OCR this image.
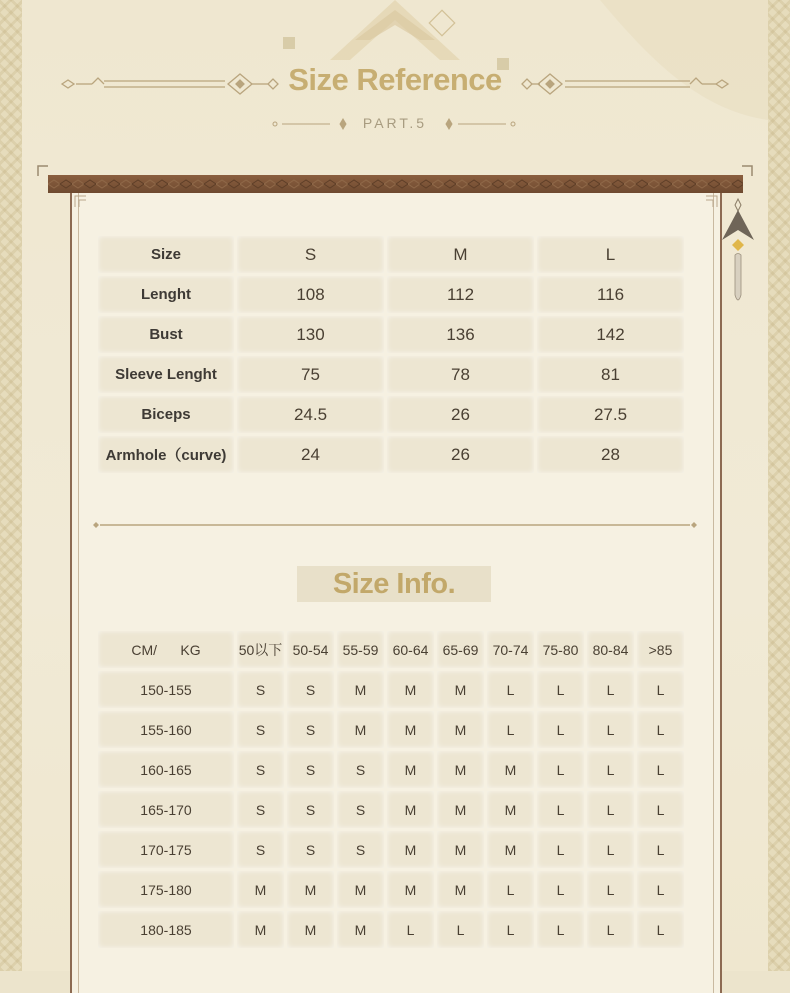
Size Reference
PART.5
Size	S	M	L
Lenght	108	112	116
Bust	130	136	142
Sleeve Lenght	75	78	81
Biceps	24.5	26	27.5
Armhole（curve)	24	26	28
Size Info.
CM/      KG	50以下	50-54	55-59	60-64	65-69	70-74	75-80	80-84	>85
150-155	S	S	M	M	M	L	L	L	L
155-160	S	S	M	M	M	L	L	L	L
160-165	S	S	S	M	M	M	L	L	L
165-170	S	S	S	M	M	M	L	L	L
170-175	S	S	S	M	M	M	L	L	L
175-180	M	M	M	M	M	L	L	L	L
180-185	M	M	M	L	L	L	L	L	L
